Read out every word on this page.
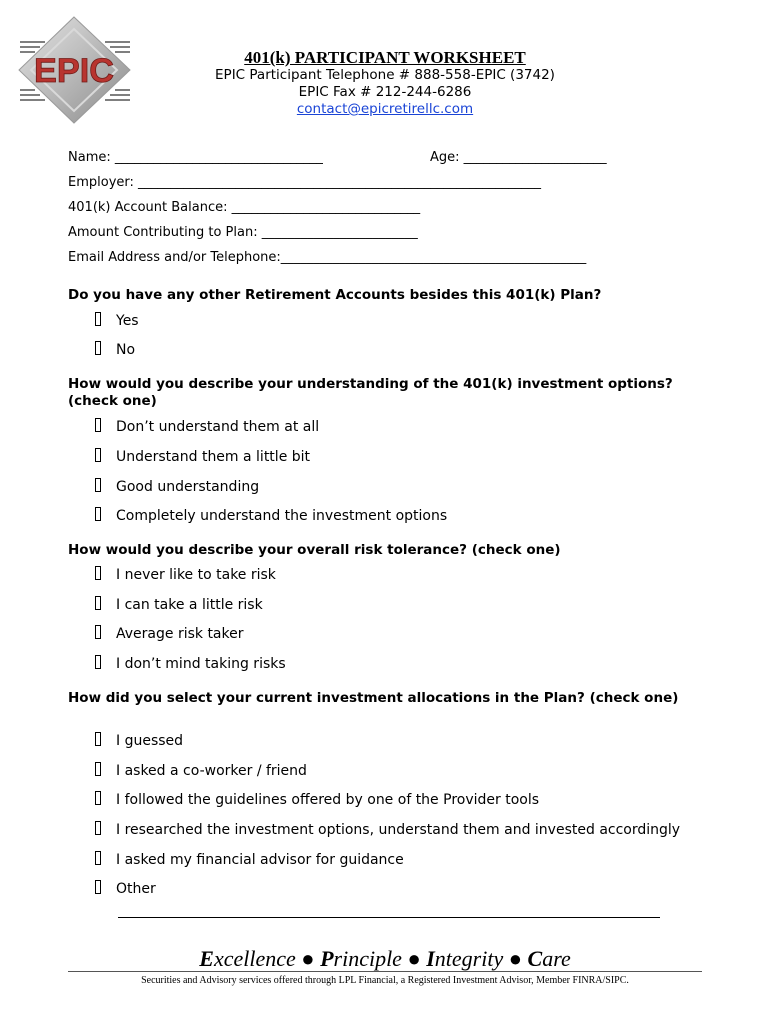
EPIC	401(k) PARTICIPANT WORKSHEET
EPIC Participant Telephone # 888-558-EPIC (3742)
EPIC Fax # 212-244-6286
contact@epicretirellc.com
Name: ________________________________	Age: ______________________
Employer: ______________________________________________________________
401(k) Account Balance: _____________________________
Amount Contributing to Plan: ________________________
Email Address and/or Telephone:_______________________________________________
Do you have any other Retirement Accounts besides this 401(k) Plan?
Yes
No
How would you describe your understanding of the 401(k) investment options? (check one)
Don’t understand them at all
Understand them a little bit
Good understanding
Completely understand the investment options
How would you describe your overall risk tolerance? (check one)
I never like to take risk
I can take a little risk
Average risk taker
I don’t mind taking risks
How did you select your current investment allocations in the Plan? (check one)
I guessed
I asked a co-worker / friend
I followed the guidelines offered by one of the Provider tools
I researched the investment options, understand them and invested accordingly
I asked my financial advisor for guidance
Other
Excellence ● Principle ● Integrity ● Care
Securities and Advisory services offered through LPL Financial, a Registered Investment Advisor, Member FINRA/SIPC.
